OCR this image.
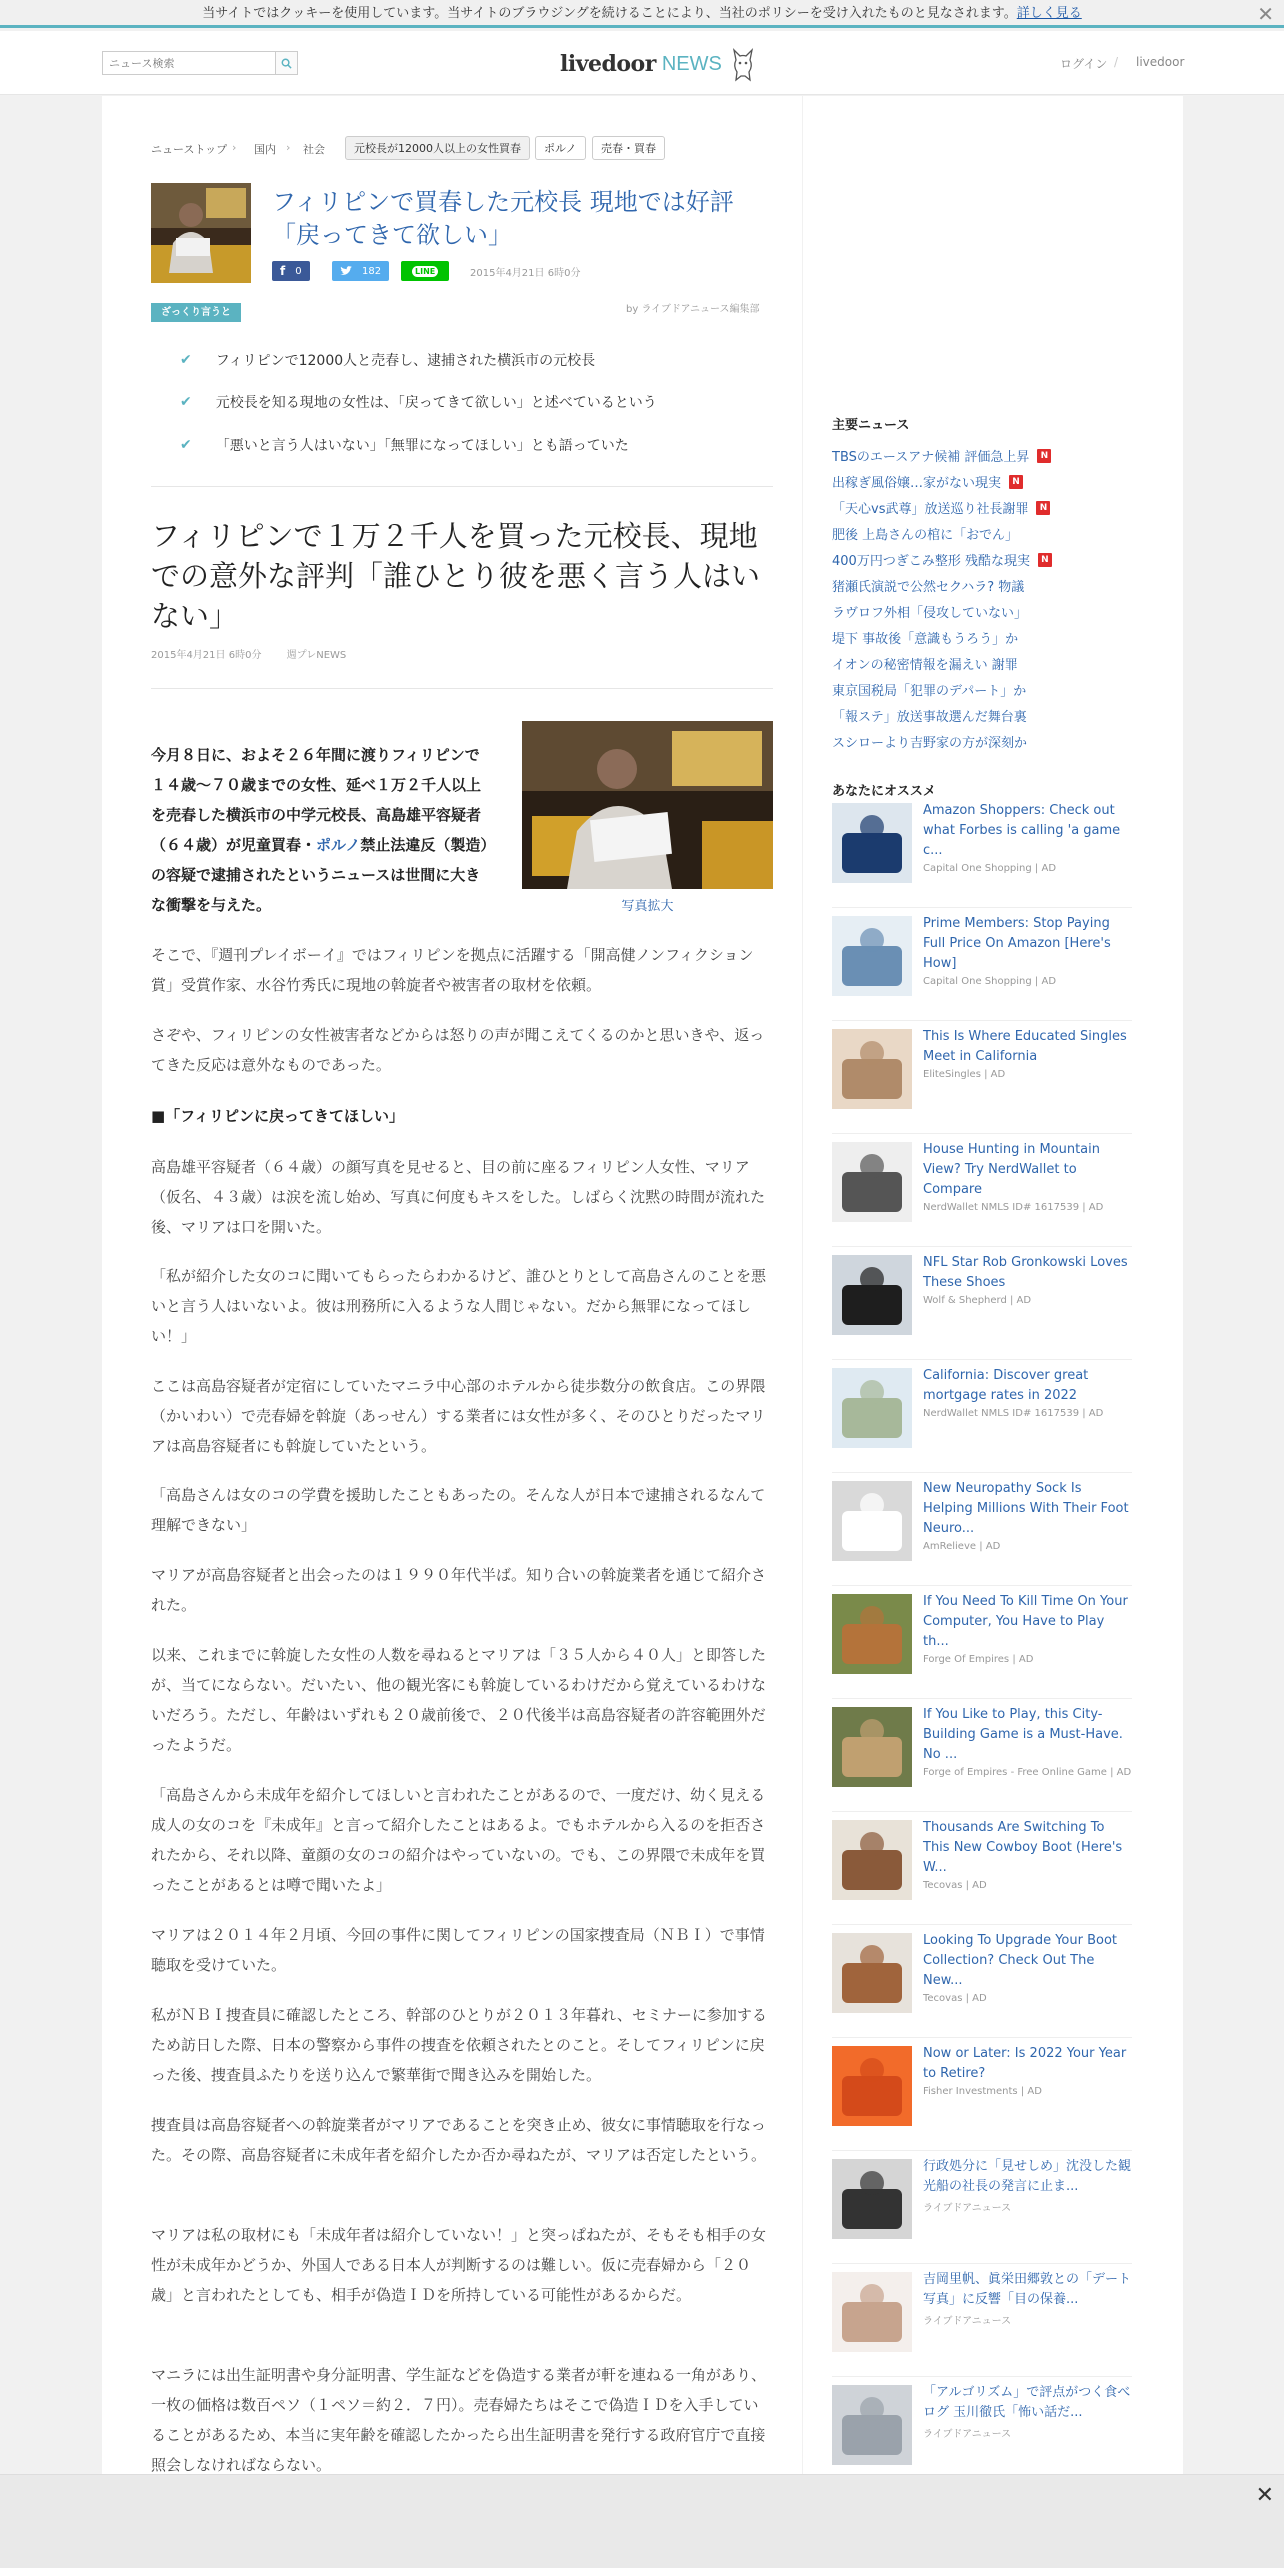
当サイトではクッキーを使用しています。当サイトのブラウジングを続けることにより、当社のポリシーを受け入れたものと見なされます。詳しく見る	✕
ニュース検索
livedoor NEWS	ログイン / livedoor
ニューストップ › 国内 › 社会	元校長が12000人以上の女性買春	ポルノ	売春・買春
フィリピンで買春した元校長 現地では好評「戻ってきて欲しい」
f 0	182	LINE	2015年4月21日 6時0分
by ライブドアニュース編集部
ざっくり言うと
✔ フィリピンで12000人と売春し、逮捕された横浜市の元校長
✔ 元校長を知る現地の女性は、「戻ってきて欲しい」と述べているという
✔ 「悪いと言う人はいない」「無罪になってほしい」とも語っていた
フィリピンで１万２千人を買った元校長、現地での意外な評判「誰ひとり彼を悪く言う人はいない」
2015年4月21日 6時0分	週プレNEWS
今月８日に、およそ２６年間に渡りフィリピンで１４歳～７０歳までの女性、延べ１万２千人以上を売春した横浜市の中学元校長、高島雄平容疑者（６４歳）が児童買春・ポルノ禁止法違反（製造）の容疑で逮捕されたというニュースは世間に大きな衝撃を与えた。	写真拡大
そこで、『週刊プレイボーイ』ではフィリピンを拠点に活躍する「開高健ノンフィクション賞」受賞作家、水谷竹秀氏に現地の斡旋者や被害者の取材を依頼。
さぞや、フィリピンの女性被害者などからは怒りの声が聞こえてくるのかと思いきや、返ってきた反応は意外なものであった。
■「フィリピンに戻ってきてほしい」
高島雄平容疑者（６４歳）の顔写真を見せると、目の前に座るフィリピン人女性、マリア（仮名、４３歳）は涙を流し始め、写真に何度もキスをした。しばらく沈黙の時間が流れた後、マリアは口を開いた。
「私が紹介した女のコに聞いてもらったらわかるけど、誰ひとりとして高島さんのことを悪いと言う人はいないよ。彼は刑務所に入るような人間じゃない。だから無罪になってほしい！」
ここは高島容疑者が定宿にしていたマニラ中心部のホテルから徒歩数分の飲食店。この界隈（かいわい）で売春婦を斡旋（あっせん）する業者には女性が多く、そのひとりだったマリアは高島容疑者にも斡旋していたという。
「高島さんは女のコの学費を援助したこともあったの。そんな人が日本で逮捕されるなんて理解できない」
マリアが高島容疑者と出会ったのは１９９０年代半ば。知り合いの斡旋業者を通じて紹介された。
以来、これまでに斡旋した女性の人数を尋ねるとマリアは「３５人から４０人」と即答したが、当てにならない。だいたい、他の観光客にも斡旋しているわけだから覚えているわけないだろう。ただし、年齢はいずれも２０歳前後で、２０代後半は高島容疑者の許容範囲外だったようだ。
「高島さんから未成年を紹介してほしいと言われたことがあるので、一度だけ、幼く見える成人の女のコを『未成年』と言って紹介したことはあるよ。でもホテルから入るのを拒否されたから、それ以降、童顔の女のコの紹介はやっていないの。でも、この界隈で未成年を買ったことがあるとは噂で聞いたよ」
マリアは２０１４年２月頃、今回の事件に関してフィリピンの国家捜査局（ＮＢＩ）で事情聴取を受けていた。
私がＮＢＩ捜査員に確認したところ、幹部のひとりが２０１３年暮れ、セミナーに参加するため訪日した際、日本の警察から事件の捜査を依頼されたとのこと。そしてフィリピンに戻った後、捜査員ふたりを送り込んで繁華街で聞き込みを開始した。
捜査員は高島容疑者への斡旋業者がマリアであることを突き止め、彼女に事情聴取を行なった。その際、高島容疑者に未成年者を紹介したか否か尋ねたが、マリアは否定したという。
マリアは私の取材にも「未成年者は紹介していない！」と突っぱねたが、そもそも相手の女性が未成年かどうか、外国人である日本人が判断するのは難しい。仮に売春婦から「２０歳」と言われたとしても、相手が偽造ＩＤを所持している可能性があるからだ。
マニラには出生証明書や身分証明書、学生証などを偽造する業者が軒を連ねる一角があり、一枚の価格は数百ペソ（１ペソ＝約２．７円）。売春婦たちはそこで偽造ＩＤを入手していることがあるため、本当に実年齢を確認したかったら出生証明書を発行する政府官庁で直接照会しなければならない。
主要ニュース
TBSのエースアナ候補 評価急上昇	N
出稼ぎ風俗嬢…家がない現実	N
「天心vs武尊」放送巡り社長謝罪	N
肥後 上島さんの棺に「おでん」
400万円つぎこみ整形 残酷な現実	N
猪瀬氏演説で公然セクハラ? 物議
ラヴロフ外相「侵攻していない」
堤下 事故後「意識もうろう」か
イオンの秘密情報を漏えい 謝罪
東京国税局「犯罪のデパート」か
「報ステ」放送事故選んだ舞台裏
スシローより吉野家の方が深刻か
あなたにオススメ
Amazon Shoppers: Check out what Forbes is calling 'a game c...
Capital One Shopping | AD
Prime Members: Stop Paying Full Price On Amazon [Here's How]
Capital One Shopping | AD
This Is Where Educated Singles Meet in California
EliteSingles | AD
House Hunting in Mountain View? Try NerdWallet to Compare
NerdWallet NMLS ID# 1617539 | AD
NFL Star Rob Gronkowski Loves These Shoes
Wolf & Shepherd | AD
California: Discover great mortgage rates in 2022
NerdWallet NMLS ID# 1617539 | AD
New Neuropathy Sock Is Helping Millions With Their Foot Neuro...
AmRelieve | AD
If You Need To Kill Time On Your Computer, You Have to Play th...
Forge Of Empires | AD
If You Like to Play, this City-Building Game is a Must-Have. No ...
Forge of Empires - Free Online Game | AD
Thousands Are Switching To This New Cowboy Boot (Here's W...
Tecovas | AD
Looking To Upgrade Your Boot Collection? Check Out The New...
Tecovas | AD
Now or Later: Is 2022 Your Year to Retire?
Fisher Investments | AD
行政処分に「見せしめ」沈没した観光船の社長の発言に止ま...
ライブドアニュース
吉岡里帆、眞栄田郷敦との「デート写真」に反響「目の保養...
ライブドアニュース
「アルゴリズム」で評点がつく食べログ 玉川徹氏「怖い話だ...
ライブドアニュース
✕
